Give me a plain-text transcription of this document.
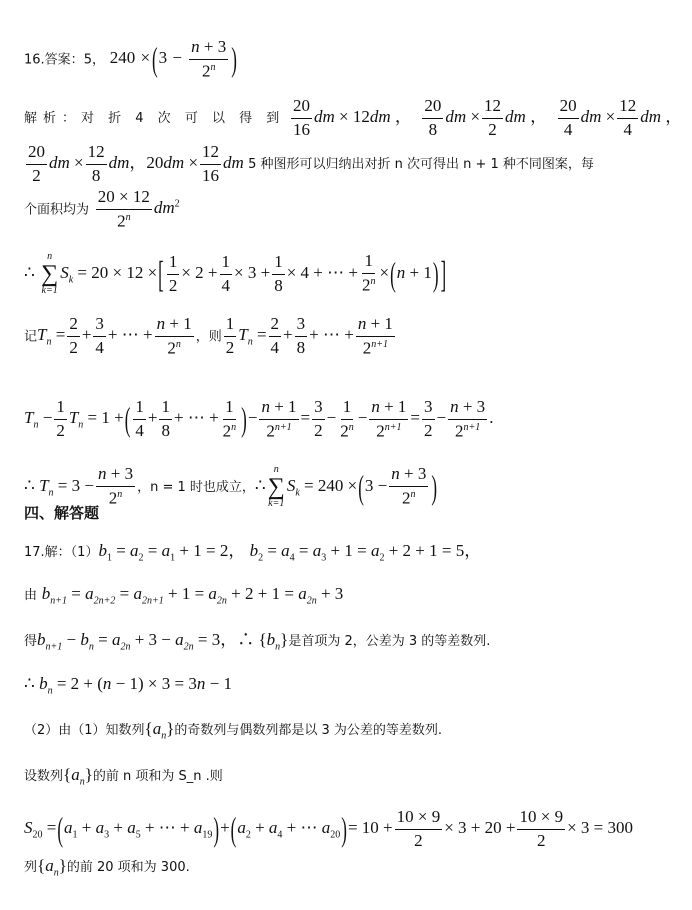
16.答案：5， $240 \times(3 - \frac{n + 3}{2^n}$ )
解析：对 折 4 次 可 以 得 到 $\frac{20}{16}$ dm × 12dm ， $\frac{20}{8}$ dm × $\frac{12}{2}$ dm ， $\frac{20}{4}$ dm × $\frac{12}{4}$ dm ，
$\frac{20}{2}$ dm × $\frac{12}{8}$ dm，$20dm \times \frac{12}{16}$ dm 5 种图形可以归纳出对折 n 次可得出 n + 1 种不同图案，每
个面积均为 $\frac{20 \times 12}{2^n} dm^2$
∴
n
∑
k=1
$S_k = 20 \times 12$ ×[ $\frac{1}{2} \times 2 + \frac{1}{4} \times 3 + \frac{1}{8} \times 4$ + ⋯ + $\frac{1}{2^n} \times(n + 1)$ ]
记$T_n = \frac{2}{2} + \frac{3}{4}$ + ⋯ + $\frac{n + 1}{2^n}$ ，则 $\frac{1}{2} T_n = \frac{2}{4} + \frac{3}{8}$ + ⋯ + $\frac{n + 1}{2^{n+1}}$
$T_n - \frac{1}{2} T_n = 1$ +( $\frac{1}{4} + \frac{1}{8}$ + ⋯ + $\frac{1}{2^n}$ )− $\frac{n + 1}{2^{n+1}} = \frac{3}{2} - \frac{1}{2^n} - \frac{n + 1}{2^{n+1}} = \frac{3}{2} - \frac{n + 3}{2^{n+1}}$ .
∴ $T_n = 3 - \frac{n + 3}{2^n}$ ，n = 1 时也成立，∴
n
∑
k=1
$S_k = 240 \times(3 - \frac{n + 3}{2^n}$ )
四、解答题
17.解：$(1)b_1 = a_2 = a_1 + 1 = 2$， $b_2 = a_4 = a_3 + 1 = a_2 + 2 + 1 = 5$，
由 $b_{n+1} = a_{2n+2} = a_{2n+1} + 1 = a_{2n} + 2 + 1 = a_{2n} + 3$
得$b_{n+1} - b_n = a_{2n} + 3 - a_{2n} = 3$，∴ $\{b_n\}$是首项为 2，公差为 3 的等差数列.
∴ $b_n = 2 + (n - 1) \times 3 = 3n - 1$
（2）由（1）知数列$\{a_n\}$的奇数列与偶数列都是以 3 为公差的等差数列.
设数列$\{a_n\}$的前 n 项和为 S_n .则
$S_{20} =(a_1 + a_3 + a_5$ + ⋯ + $a_{19})+(a_2 + a_4$ + ⋯ $a_{20})= 10 + \frac{10 \times 9}{2} \times 3 + 20 + \frac{10 \times 9}{2} \times 3 = 300$
列$\{a_n\}$的前 20 项和为 300.
